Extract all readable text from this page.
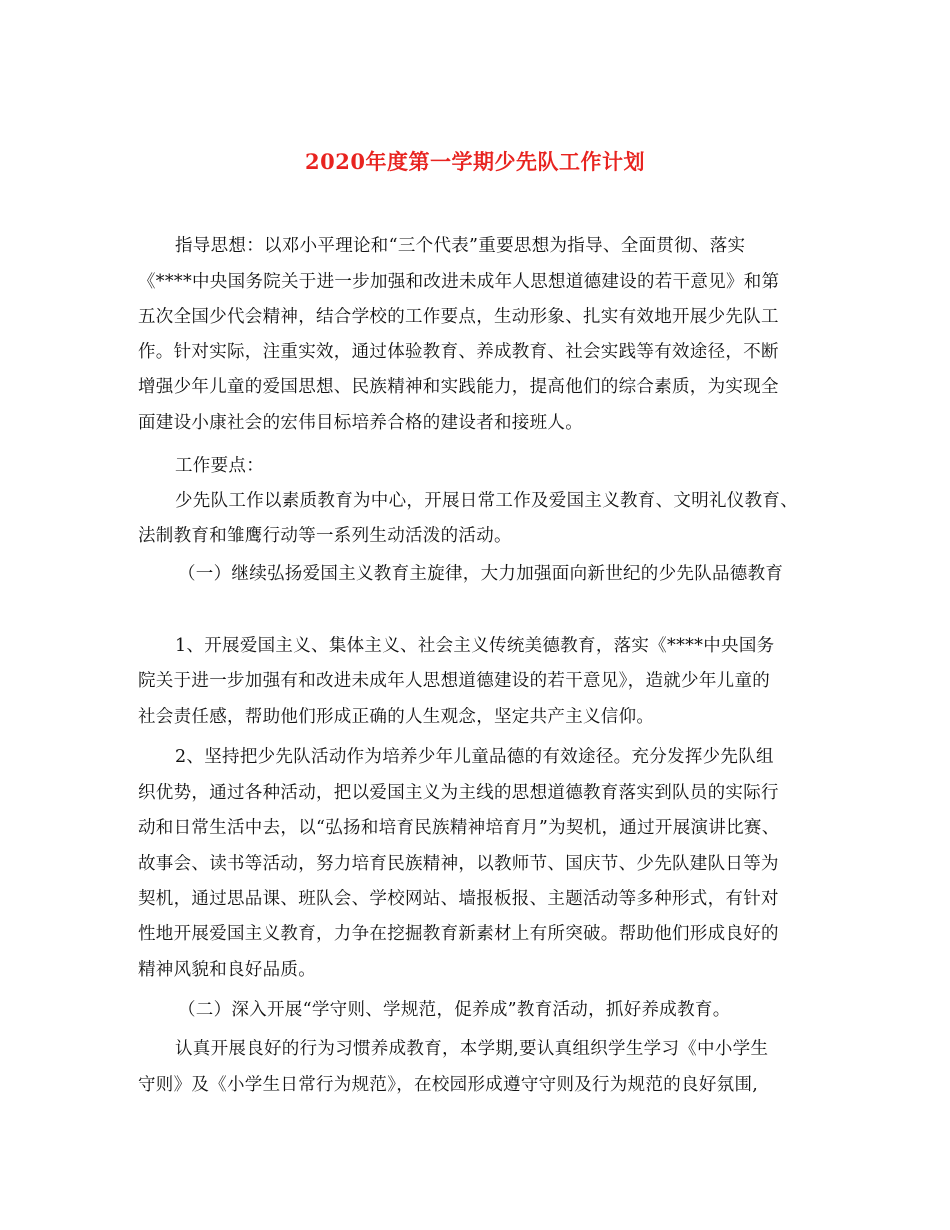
2020年度第一学期少先队工作计划
指导思想：以邓小平理论和“三个代表”重要思想为指导、全面贯彻、落实
《****中央国务院关于进一步加强和改进未成年人思想道德建设的若干意见》和第
五次全国少代会精神，结合学校的工作要点，生动形象、扎实有效地开展少先队工
作。针对实际，注重实效，通过体验教育、养成教育、社会实践等有效途径，不断
增强少年儿童的爱国思想、民族精神和实践能力，提高他们的综合素质，为实现全
面建设小康社会的宏伟目标培养合格的建设者和接班人。
工作要点：
少先队工作以素质教育为中心，开展日常工作及爱国主义教育、文明礼仪教育、
法制教育和雏鹰行动等一系列生动活泼的活动。
（一）继续弘扬爱国主义教育主旋律，大力加强面向新世纪的少先队品德教育
1、开展爱国主义、集体主义、社会主义传统美德教育，落实《****中央国务
院关于进一步加强有和改进未成年人思想道德建设的若干意见》，造就少年儿童的
社会责任感，帮助他们形成正确的人生观念，坚定共产主义信仰。
2、坚持把少先队活动作为培养少年儿童品德的有效途径。充分发挥少先队组
织优势，通过各种活动，把以爱国主义为主线的思想道德教育落实到队员的实际行
动和日常生活中去，以“弘扬和培育民族精神培育月”为契机，通过开展演讲比赛、
故事会、读书等活动，努力培育民族精神，以教师节、国庆节、少先队建队日等为
契机，通过思品课、班队会、学校网站、墙报板报、主题活动等多种形式，有针对
性地开展爱国主义教育，力争在挖掘教育新素材上有所突破。帮助他们形成良好的
精神风貌和良好品质。
（二）深入开展“学守则、学规范，促养成”教育活动，抓好养成教育。
认真开展良好的行为习惯养成教育，本学期,要认真组织学生学习《中小学生
守则》及《小学生日常行为规范》，在校园形成遵守守则及行为规范的良好氛围,
